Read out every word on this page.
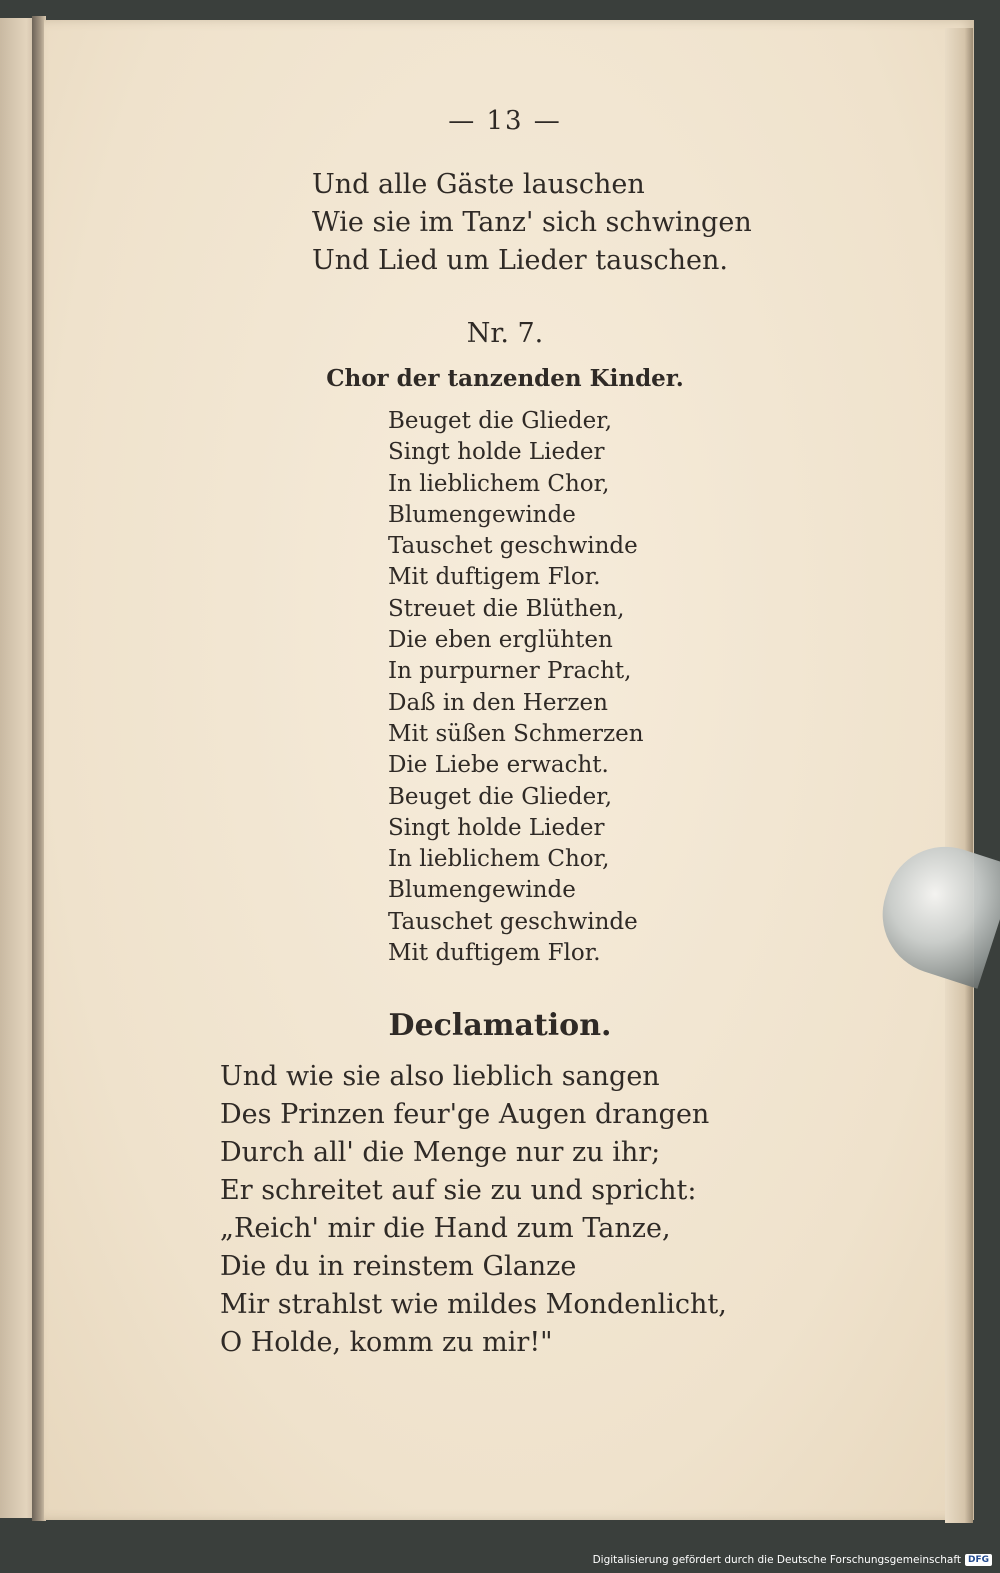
— 13 —
Und alle Gäste lauschen
Wie sie im Tanz' sich schwingen
Und Lied um Lieder tauschen.
Nr. 7.
Chor der tanzenden Kinder.
Beuget die Glieder,
Singt holde Lieder
In lieblichem Chor,
Blumengewinde
Tauschet geschwinde
Mit duftigem Flor.
Streuet die Blüthen,
Die eben erglühten
In purpurner Pracht,
Daß in den Herzen
Mit süßen Schmerzen
Die Liebe erwacht.
Beuget die Glieder,
Singt holde Lieder
In lieblichem Chor,
Blumengewinde
Tauschet geschwinde
Mit duftigem Flor.
Declamation.
Und wie sie also lieblich sangen
Des Prinzen feur'ge Augen drangen
Durch all' die Menge nur zu ihr;
Er schreitet auf sie zu und spricht:
„Reich' mir die Hand zum Tanze,
Die du in reinstem Glanze
Mir strahlst wie mildes Mondenlicht,
O Holde, komm zu mir!"
Digitalisierung gefördert durch die Deutsche Forschungsgemeinschaft DFG
